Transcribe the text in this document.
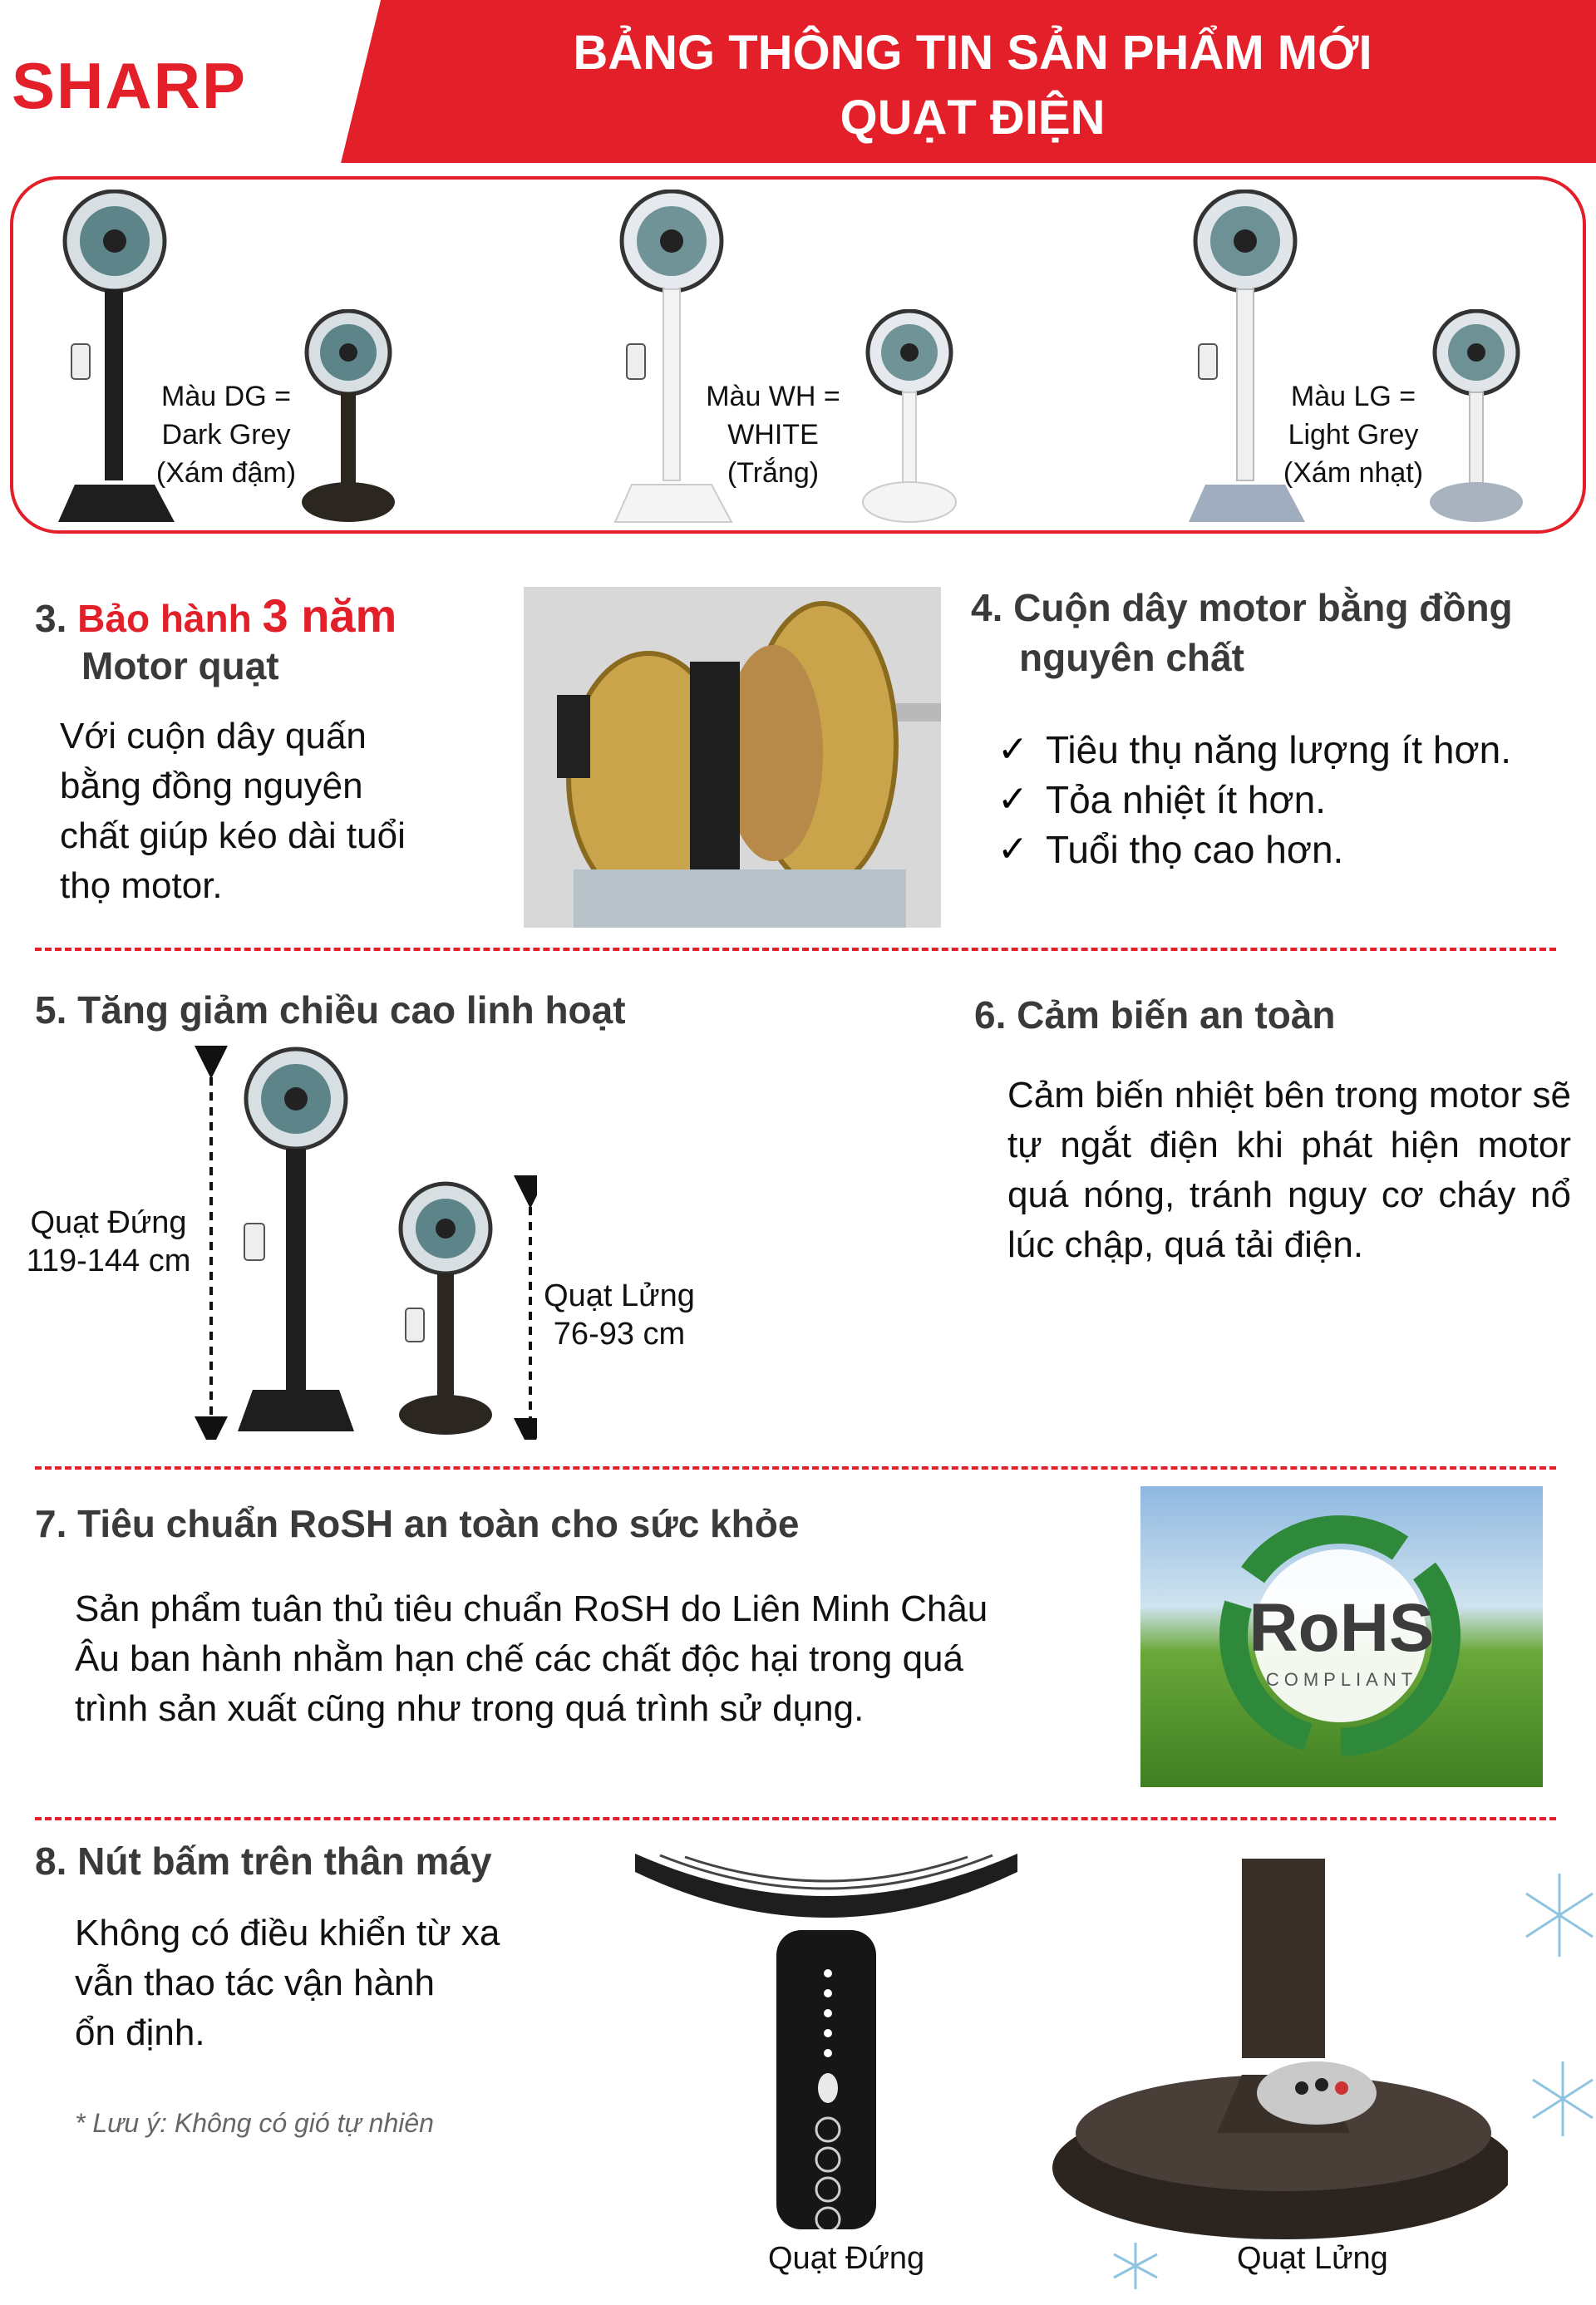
SHARP	BẢNG THÔNG TIN SẢN PHẨM MỚI
QUẠT ĐIỆN
Màu DG =
Dark Grey
(Xám đậm)
Màu WH =
WHITE
(Trắng)
Màu LG =
Light Grey
(Xám nhạt)
3. Bảo hành 3 năm
Motor quạt
Với cuộn dây quấn
bằng đồng nguyên
chất giúp kéo dài tuổi
thọ motor.
4. Cuộn dây motor bằng đồng
nguyên chất
✓ Tiêu thụ năng lượng ít hơn.
✓ Tỏa nhiệt ít hơn.
✓ Tuổi thọ cao hơn.
5. Tăng giảm chiều cao linh hoạt
Quạt Đứng
119-144 cm
Quạt Lửng
76-93 cm
6. Cảm biến an toàn
Cảm biến nhiệt bên trong motor sẽ tự ngắt điện khi phát hiện motor quá nóng, tránh nguy cơ cháy nổ lúc chập, quá tải điện.
7. Tiêu chuẩn RoSH an toàn cho sức khỏe
Sản phẩm tuân thủ tiêu chuẩn RoSH do Liên Minh Châu
Âu ban hành nhằm hạn chế các chất độc hại trong quá
trình sản xuất cũng như trong quá trình sử dụng.
RoHS
COMPLIANT
8. Nút bấm trên thân máy
Không có điều khiển từ xa
vẫn thao tác vận hành
ổn định.
* Lưu ý: Không có gió tự nhiên
Quạt Đứng	Quạt Lửng
